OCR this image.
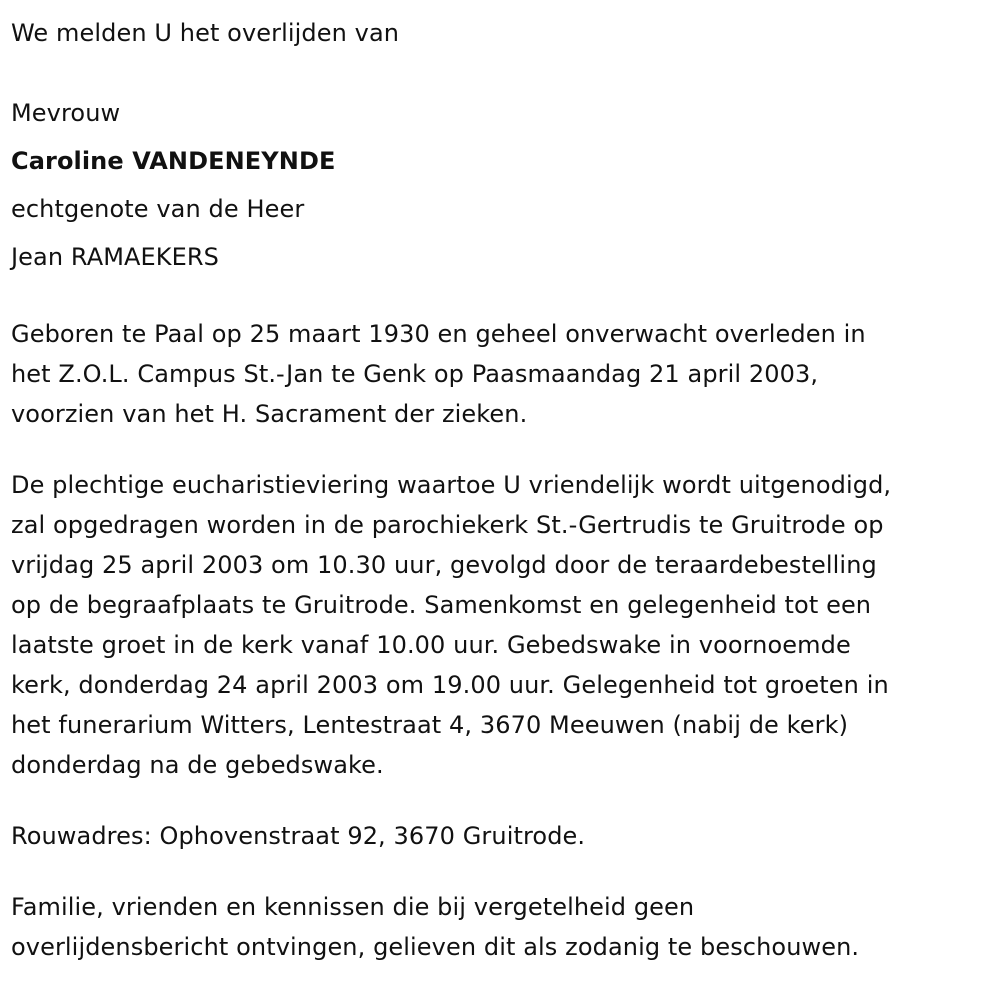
We melden U het overlijden van
Mevrouw
Caroline VANDENEYNDE
echtgenote van de Heer
Jean RAMAEKERS
Geboren te Paal op 25 maart 1930 en geheel onverwacht overleden in
het Z.O.L. Campus St.-Jan te Genk op Paasmaandag 21 april 2003,
voorzien van het H. Sacrament der zieken.
De plechtige eucharistieviering waartoe U vriendelijk wordt uitgenodigd,
zal opgedragen worden in de parochiekerk St.-Gertrudis te Gruitrode op
vrijdag 25 april 2003 om 10.30 uur, gevolgd door de teraardebestelling
op de begraafplaats te Gruitrode. Samenkomst en gelegenheid tot een
laatste groet in de kerk vanaf 10.00 uur. Gebedswake in voornoemde
kerk, donderdag 24 april 2003 om 19.00 uur. Gelegenheid tot groeten in
het funerarium Witters, Lentestraat 4, 3670 Meeuwen (nabij de kerk)
donderdag na de gebedswake.
Rouwadres: Ophovenstraat 92, 3670 Gruitrode.
Familie, vrienden en kennissen die bij vergetelheid geen
overlijdensbericht ontvingen, gelieven dit als zodanig te beschouwen.
